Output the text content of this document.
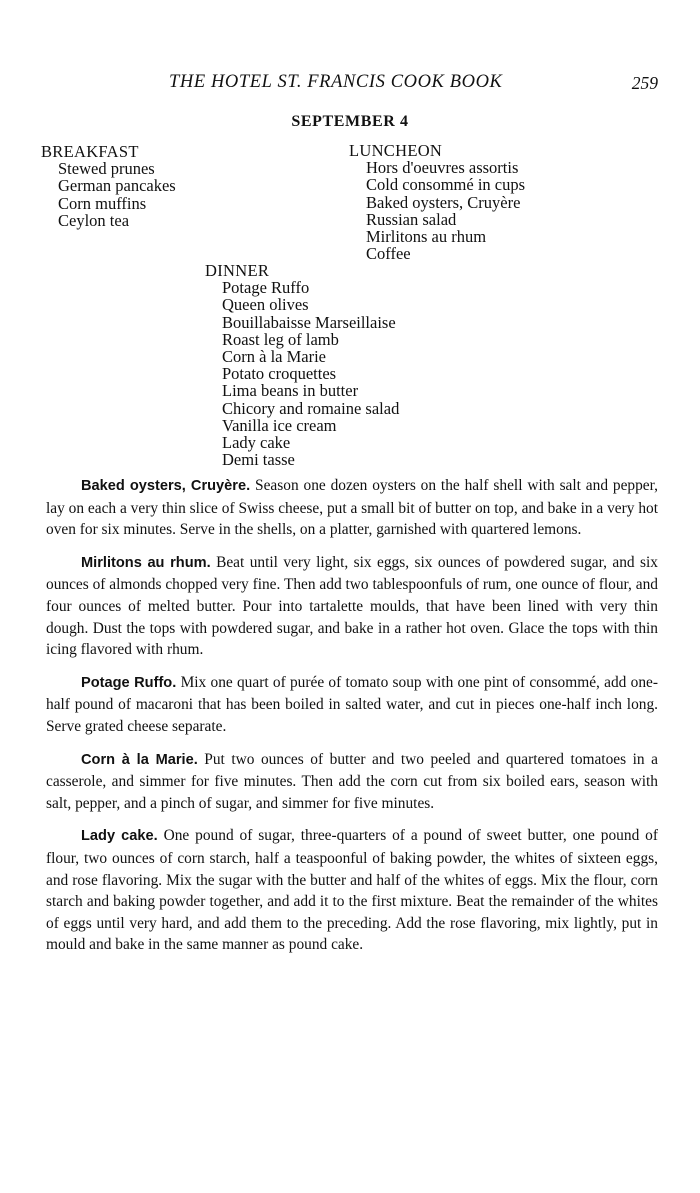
THE HOTEL ST. FRANCIS COOK BOOK	259
SEPTEMBER 4
BREAKFAST
Stewed prunes
German pancakes
Corn muffins
Ceylon tea
LUNCHEON
Hors d'oeuvres assortis
Cold consommé in cups
Baked oysters, Cruyère
Russian salad
Mirlitons au rhum
Coffee
DINNER
Potage Ruffo
Queen olives
Bouillabaisse Marseillaise
Roast leg of lamb
Corn à la Marie
Potato croquettes
Lima beans in butter
Chicory and romaine salad
Vanilla ice cream
Lady cake
Demi tasse

Baked oysters, Cruyère. Season one dozen oysters on the half shell with salt and pepper, lay on each a very thin slice of Swiss cheese, put a small bit of butter on top, and bake in a very hot oven for six minutes. Serve in the shells, on a platter, garnished with quartered lemons.

Mirlitons au rhum. Beat until very light, six eggs, six ounces of powdered sugar, and six ounces of almonds chopped very fine. Then add two tablespoonfuls of rum, one ounce of flour, and four ounces of melted butter. Pour into tartalette moulds, that have been lined with very thin dough. Dust the tops with powdered sugar, and bake in a rather hot oven. Glace the tops with thin icing flavored with rhum.

Potage Ruffo. Mix one quart of purée of tomato soup with one pint of consommé, add one-half pound of macaroni that has been boiled in salted water, and cut in pieces one-half inch long. Serve grated cheese separate.

Corn à la Marie. Put two ounces of butter and two peeled and quartered tomatoes in a casserole, and simmer for five minutes. Then add the corn cut from six boiled ears, season with salt, pepper, and a pinch of sugar, and simmer for five minutes.

Lady cake. One pound of sugar, three-quarters of a pound of sweet butter, one pound of flour, two ounces of corn starch, half a teaspoonful of baking powder, the whites of sixteen eggs, and rose flavoring. Mix the sugar with the butter and half of the whites of eggs. Mix the flour, corn starch and baking powder together, and add it to the first mixture. Beat the remainder of the whites of eggs until very hard, and add them to the preceding. Add the rose flavoring, mix lightly, put in mould and bake in the same manner as pound cake.
